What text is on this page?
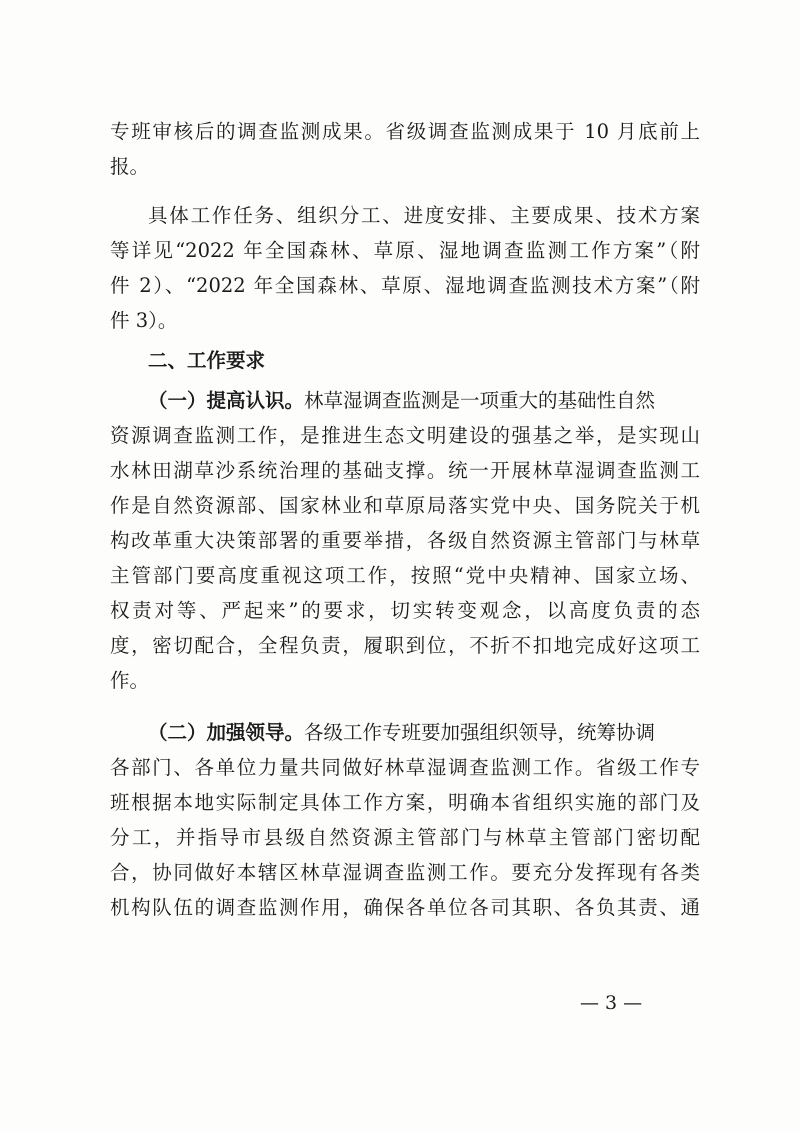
专班审核后的调查监测成果。省级调查监测成果于 10 月底前上
报。
具体工作任务、组织分工、进度安排、主要成果、技术方案
等详见“2022 年全国森林、草原、湿地调查监测工作方案”（附
件 2）、“2022 年全国森林、草原、湿地调查监测技术方案”（附
件 3）。
二、工作要求
（一）提高认识。林草湿调查监测是一项重大的基础性自然
资源调查监测工作，是推进生态文明建设的强基之举，是实现山
水林田湖草沙系统治理的基础支撑。统一开展林草湿调查监测工
作是自然资源部、国家林业和草原局落实党中央、国务院关于机
构改革重大决策部署的重要举措，各级自然资源主管部门与林草
主管部门要高度重视这项工作，按照“党中央精神、国家立场、
权责对等、严起来”的要求，切实转变观念，以高度负责的态
度，密切配合，全程负责，履职到位，不折不扣地完成好这项工
作。
（二）加强领导。各级工作专班要加强组织领导，统筹协调
各部门、各单位力量共同做好林草湿调查监测工作。省级工作专
班根据本地实际制定具体工作方案，明确本省组织实施的部门及
分工，并指导市县级自然资源主管部门与林草主管部门密切配
合，协同做好本辖区林草湿调查监测工作。要充分发挥现有各类
机构队伍的调查监测作用，确保各单位各司其职、各负其责、通
— 3 —
